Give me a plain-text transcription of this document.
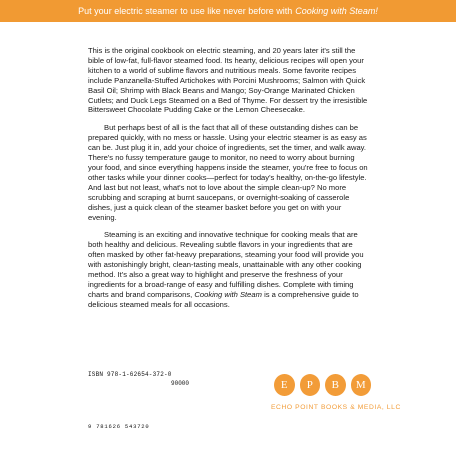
Put your electric steamer to use like never before with Cooking with Steam!

This is the original cookbook on electric steaming, and 20 years later it's still the bible of low-fat, full-flavor steamed food. Its hearty, delicious recipes will open your kitchen to a world of sublime flavors and nutritious meals. Some favorite recipes include Panzanella-Stuffed Artichokes with Porcini Mushrooms; Salmon with Quick Basil Oil; Shrimp with Black Beans and Mango; Soy-Orange Marinated Chicken Cutlets; and Duck Legs Steamed on a Bed of Thyme. For dessert try the irresistible Bittersweet Chocolate Pudding Cake or the Lemon Cheesecake.

But perhaps best of all is the fact that all of these outstanding dishes can be prepared quickly, with no mess or hassle. Using your electric steamer is as easy as can be. Just plug it in, add your choice of ingredients, set the timer, and walk away. There's no fussy temperature gauge to monitor, no need to worry about burning your food, and since everything happens inside the steamer, you're free to focus on other tasks while your dinner cooks—perfect for today's healthy, on-the-go lifestyle. And last but not least, what's not to love about the simple clean-up? No more scrubbing and scraping at burnt saucepans, or overnight-soaking of casserole dishes, just a quick clean of the steamer basket before you get on with your evening.

Steaming is an exciting and innovative technique for cooking meals that are both healthy and delicious. Revealing subtle flavors in your ingredients that are often masked by other fat-heavy preparations, steaming your food will provide you with astonishingly bright, clean-tasting meals, unattainable with any other cooking method. It's also a great way to highlight and preserve the freshness of your ingredients for a broad-range of easy and fulfilling dishes. Complete with timing charts and brand comparisons, Cooking with Steam is a comprehensive guide to delicious steamed meals for all occasions.

ISBN 978-1-62654-372-0
90000
9 781626 543720
E	P	B	M
ECHO POINT BOOKS & MEDIA, LLC
